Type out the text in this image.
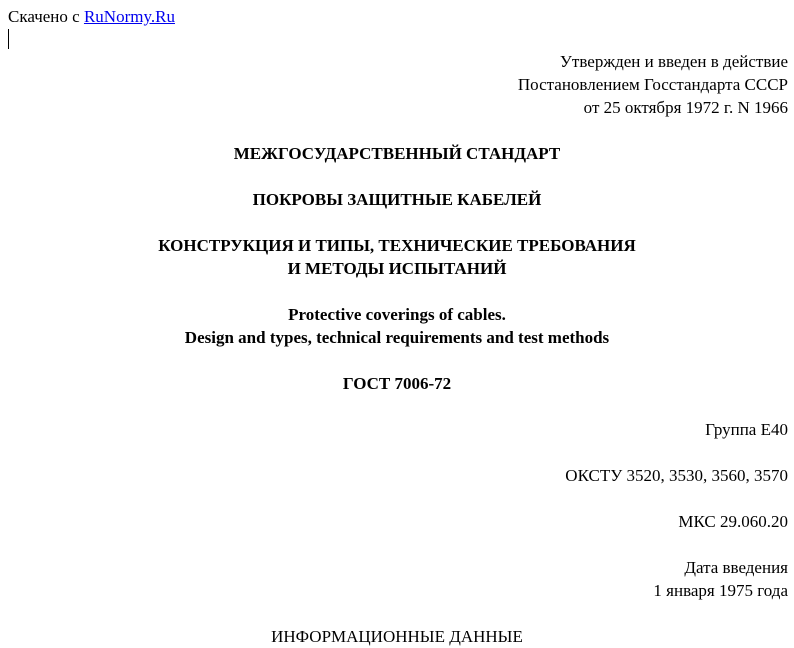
Скачено с RuNormy.Ru
Утвержден и введен в действие
Постановлением Госстандарта СССР
от 25 октября 1972 г. N 1966
МЕЖГОСУДАРСТВЕННЫЙ СТАНДАРТ
ПОКРОВЫ ЗАЩИТНЫЕ КАБЕЛЕЙ
КОНСТРУКЦИЯ И ТИПЫ, ТЕХНИЧЕСКИЕ ТРЕБОВАНИЯ
И МЕТОДЫ ИСПЫТАНИЙ
Protective coverings of cables.
Design and types, technical requirements and test methods
ГОСТ 7006-72
Группа Е40
ОКСТУ 3520, 3530, 3560, 3570
МКС 29.060.20
Дата введения
1 января 1975 года
ИНФОРМАЦИОННЫЕ ДАННЫЕ
